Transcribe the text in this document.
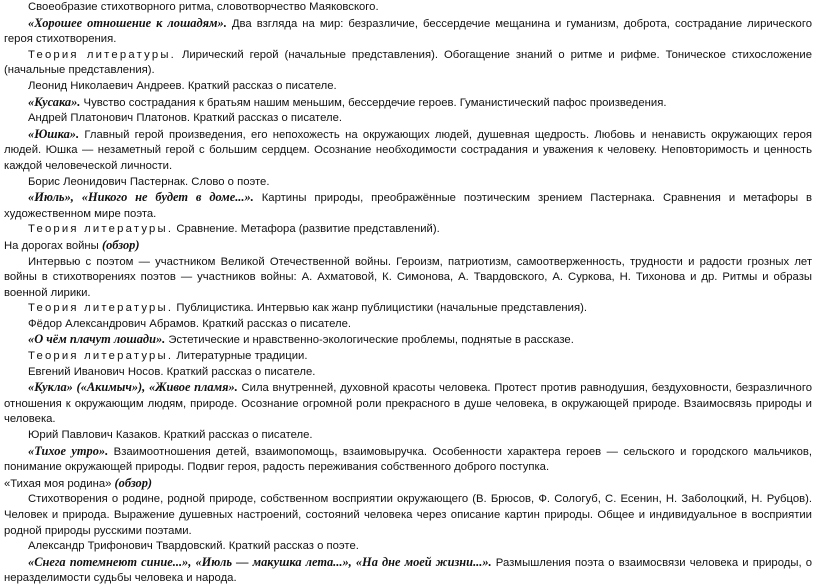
Своеобразие стихотворного ритма, словотворчество Маяковского.

«Хорошее отношение к лошадям». Два взгляда на мир: безразличие, бессердечие мещанина и гуманизм, доброта, сострадание лирического героя стихотворения.

Теория литературы. Лирический герой (начальные представления). Обогащение знаний о ритме и рифме. Тоническое стихосложение (начальные представления).

Леонид Николаевич Андреев. Краткий рассказ о писателе.

«Кусака». Чувство сострадания к братьям нашим меньшим, бессердечие героев. Гуманистический пафос произведения.

Андрей Платонович Платонов. Краткий рассказ о писателе.

«Юшка». Главный герой произведения, его непохожесть на окружающих людей, душевная щедрость. Любовь и ненависть окружающих героя людей. Юшка — незаметный герой с большим сердцем. Осознание необходимости сострадания и уважения к человеку. Неповторимость и ценность каждой человеческой личности.

Борис Леонидович Пастернак. Слово о поэте.

«Июль», «Никого не будет в доме...». Картины природы, преображённые поэтическим зрением Пастернака. Сравнения и метафоры в художественном мире поэта.

Теория литературы. Сравнение. Метафора (развитие представлений).

На дорогах войны (обзор)

Интервью с поэтом — участником Великой Отечественной войны. Героизм, патриотизм, самоотверженность, трудности и радости грозных лет войны в стихотворениях поэтов — участников войны: А. Ахматовой, К. Симонова, А. Твардовского, А. Суркова, Н. Тихонова и др. Ритмы и образы военной лирики.

Теория литературы. Публицистика. Интервью как жанр публицистики (начальные представления).

Фёдор Александрович Абрамов. Краткий рассказ о писателе.

«О чём плачут лошади». Эстетические и нравственно-экологические проблемы, поднятые в рассказе.

Теория литературы. Литературные традиции.

Евгений Иванович Носов. Краткий рассказ о писателе.

«Кукла» («Акимыч»), «Живое пламя». Сила внутренней, духовной красоты человека. Протест против равнодушия, бездуховности, безразличного отношения к окружающим людям, природе. Осознание огромной роли прекрасного в душе человека, в окружающей природе. Взаимосвязь природы и человека.

Юрий Павлович Казаков. Краткий рассказ о писателе.

«Тихое утро». Взаимоотношения детей, взаимопомощь, взаимовыручка. Особенности характера героев — сельского и городского мальчиков, понимание окружающей природы. Подвиг героя, радость переживания собственного доброго поступка.

«Тихая моя родина» (обзор)

Стихотворения о родине, родной природе, собственном восприятии окружающего (В. Брюсов, Ф. Сологуб, С. Есенин, Н. Заболоцкий, Н. Рубцов). Человек и природа. Выражение душевных настроений, состояний человека через описание картин природы. Общее и индивидуальное в восприятии родной природы русскими поэтами.

Александр Трифонович Твардовский. Краткий рассказ о поэте.

«Снега потемнеют синие...», «Июль — макушка лета...», «На дне моей жизни...». Размышления поэта о взаимосвязи человека и природы, о неразделимости судьбы человека и народа.
